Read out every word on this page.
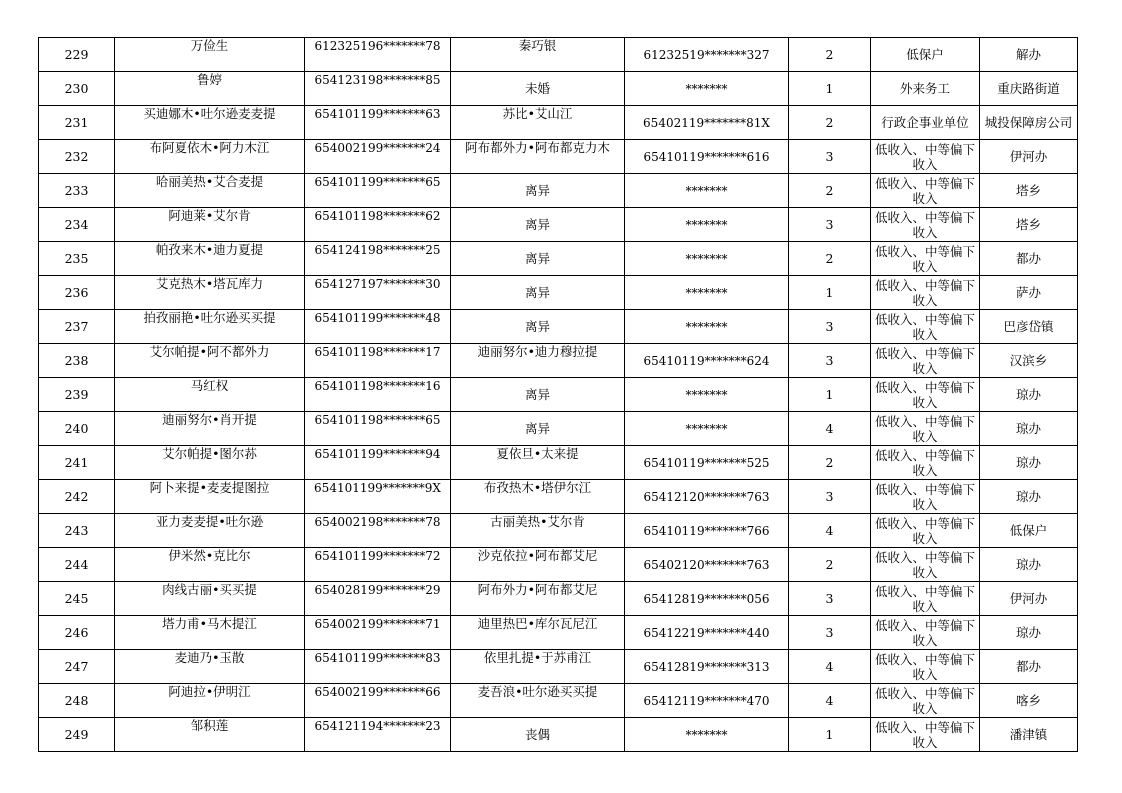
229	万俭生	612325196*******78	秦巧银	61232519*******327	2	低保户	解办
230	鲁婷	654123198*******85	未婚	*******	1	外来务工	重庆路街道
231	买迪娜木•吐尔逊麦麦提	654101199*******63	苏比•艾山江	65402119*******81X	2	行政企事业单位	城投保障房公司
232	布阿夏依木•阿力木江	654002199*******24	阿布都外力•阿布都克力木	65410119*******616	3	低收入、中等偏下收入	伊河办
233	哈丽美热•艾合麦提	654101199*******65	离异	*******	2	低收入、中等偏下收入	塔乡
234	阿迪莱•艾尔肯	654101198*******62	离异	*******	3	低收入、中等偏下收入	塔乡
235	帕孜来木•迪力夏提	654124198*******25	离异	*******	2	低收入、中等偏下收入	都办
236	艾克热木•塔瓦库力	654127197*******30	离异	*******	1	低收入、中等偏下收入	萨办
237	拍孜丽艳•吐尔逊买买提	654101199*******48	离异	*******	3	低收入、中等偏下收入	巴彦岱镇
238	艾尔帕提•阿不都外力	654101198*******17	迪丽努尔•迪力穆拉提	65410119*******624	3	低收入、中等偏下收入	汉滨乡
239	马红权	654101198*******16	离异	*******	1	低收入、中等偏下收入	琼办
240	迪丽努尔•肖开提	654101198*******65	离异	*******	4	低收入、中等偏下收入	琼办
241	艾尔帕提•图尔荪	654101199*******94	夏依旦•太来提	65410119*******525	2	低收入、中等偏下收入	琼办
242	阿卜来提•麦麦提图拉	654101199*******9X	布孜热木•塔伊尔江	65412120*******763	3	低收入、中等偏下收入	琼办
243	亚力麦麦提•吐尔逊	654002198*******78	古丽美热•艾尔肯	65410119*******766	4	低收入、中等偏下收入	低保户
244	伊米然•克比尔	654101199*******72	沙克依拉•阿布都艾尼	65402120*******763	2	低收入、中等偏下收入	琼办
245	肉线古丽•买买提	654028199*******29	阿布外力•阿布都艾尼	65412819*******056	3	低收入、中等偏下收入	伊河办
246	塔力甫•马木提江	654002199*******71	迪里热巴•库尔瓦尼江	65412219*******440	3	低收入、中等偏下收入	琼办
247	麦迪乃•玉散	654101199*******83	依里扎提•于苏甫江	65412819*******313	4	低收入、中等偏下收入	都办
248	阿迪拉•伊明江	654002199*******66	麦吾浪•吐尔逊买买提	65412119*******470	4	低收入、中等偏下收入	喀乡
249	邹积莲	654121194*******23	丧偶	*******	1	低收入、中等偏下收入	潘津镇
